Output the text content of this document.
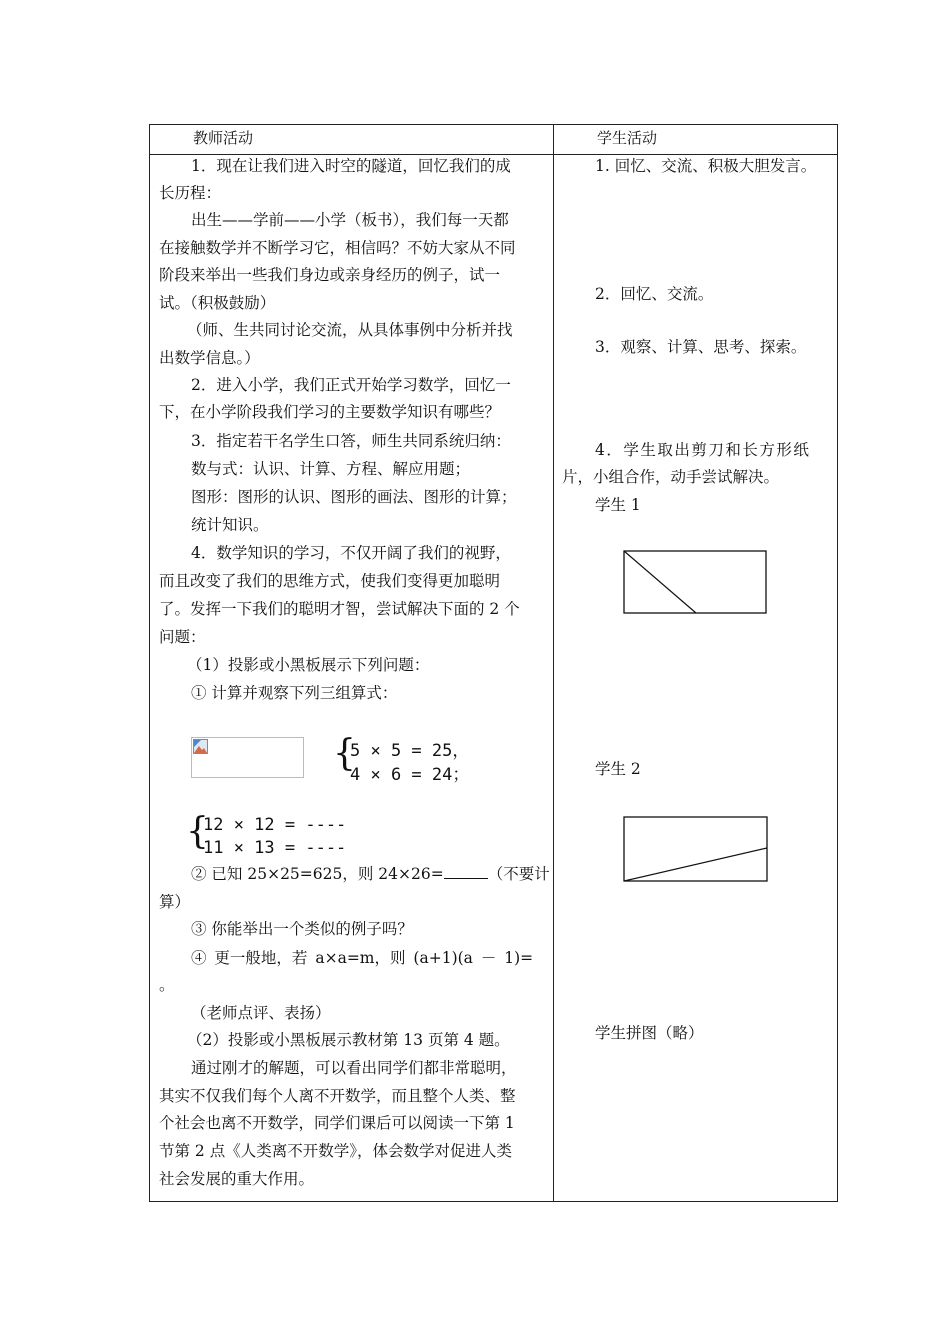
教师活动	学生活动
1．现在让我们进入时空的隧道，回忆我们的成
长历程：
出生——学前——小学（板书），我们每一天都
在接触数学并不断学习它，相信吗？不妨大家从不同
阶段来举出一些我们身边或亲身经历的例子，试一
试。（积极鼓励）
（师、生共同讨论交流，从具体事例中分析并找
出数学信息。）
2．进入小学，我们正式开始学习数学，回忆一
下，在小学阶段我们学习的主要数学知识有哪些？
3．指定若干名学生口答，师生共同系统归纳：
数与式：认识、计算、方程、解应用题；
图形：图形的认识、图形的画法、图形的计算；
统计知识。
4．数学知识的学习，不仅开阔了我们的视野，
而且改变了我们的思维方式，使我们变得更加聪明
了。发挥一下我们的聪明才智，尝试解决下面的 2 个
问题：
（1）投影或小黑板展示下列问题：
① 计算并观察下列三组算式：
{
5 × 5 = 25，
4 × 6 = 24；
{
12 × 12 = ----
11 × 13 = ----
② 已知 25×25=625，则 24×26=	（不要计
算）
③ 你能举出一个类似的例子吗？
④ 更一般地，若 a×a=m，则 (a+1)(a － 1)=
。
（老师点评、表扬）
（2）投影或小黑板展示教材第 13 页第 4 题。
通过刚才的解题，可以看出同学们都非常聪明，
其实不仅我们每个人离不开数学，而且整个人类、整
个社会也离不开数学，同学们课后可以阅读一下第 1
节第 2 点《人类离不开数学》，体会数学对促进人类
社会发展的重大作用。
1. 回忆、交流、积极大胆发言。
2．回忆、交流。
3．观察、计算、思考、探索。
4．学生取出剪刀和长方形纸
片，小组合作，动手尝试解决。
学生 1
学生 2
学生拼图（略）
